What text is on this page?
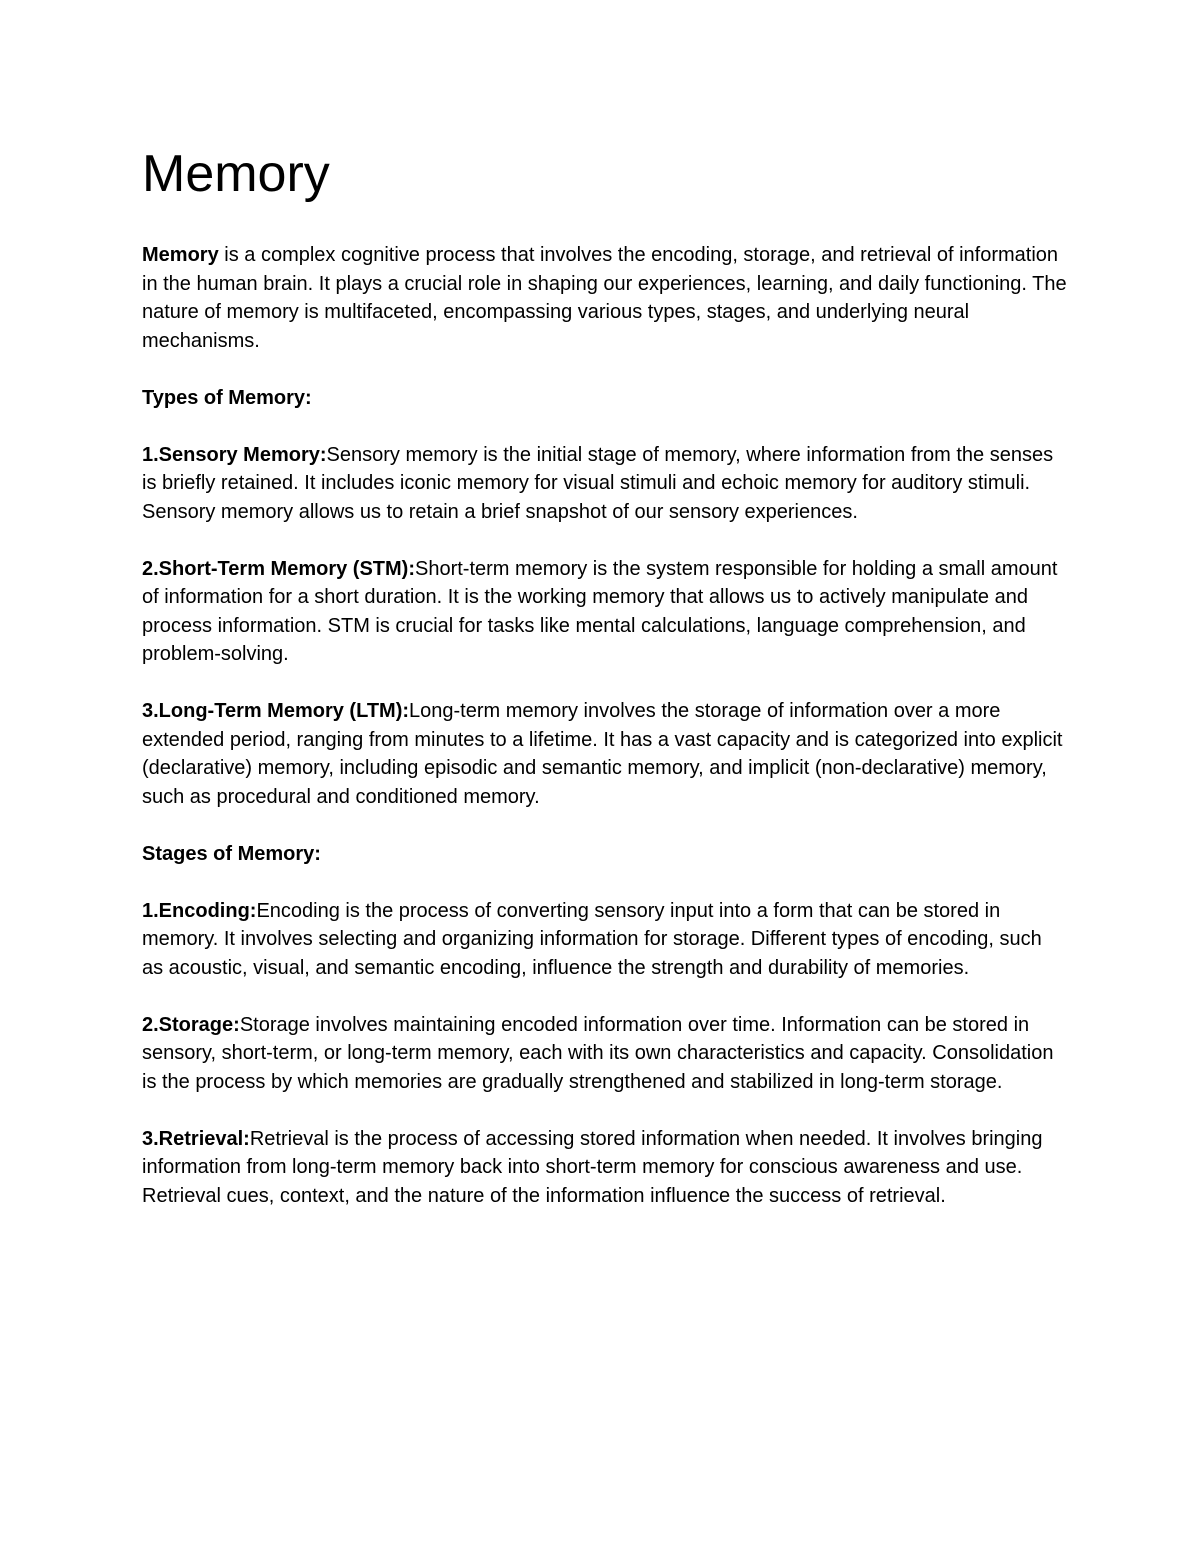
Memory

Memory is a complex cognitive process that involves the encoding, storage, and retrieval of information in the human brain. It plays a crucial role in shaping our experiences, learning, and daily functioning. The nature of memory is multifaceted, encompassing various types, stages, and underlying neural mechanisms.

Types of Memory:

1.Sensory Memory:Sensory memory is the initial stage of memory, where information from the senses is briefly retained. It includes iconic memory for visual stimuli and echoic memory for auditory stimuli. Sensory memory allows us to retain a brief snapshot of our sensory experiences.

2.Short-Term Memory (STM):Short-term memory is the system responsible for holding a small amount of information for a short duration. It is the working memory that allows us to actively manipulate and process information. STM is crucial for tasks like mental calculations, language comprehension, and problem-solving.

3.Long-Term Memory (LTM):Long-term memory involves the storage of information over a more extended period, ranging from minutes to a lifetime. It has a vast capacity and is categorized into explicit (declarative) memory, including episodic and semantic memory, and implicit (non-declarative) memory, such as procedural and conditioned memory.

Stages of Memory:

1.Encoding:Encoding is the process of converting sensory input into a form that can be stored in memory. It involves selecting and organizing information for storage. Different types of encoding, such as acoustic, visual, and semantic encoding, influence the strength and durability of memories.

2.Storage:Storage involves maintaining encoded information over time. Information can be stored in sensory, short-term, or long-term memory, each with its own characteristics and capacity. Consolidation is the process by which memories are gradually strengthened and stabilized in long-term storage.

3.Retrieval:Retrieval is the process of accessing stored information when needed. It involves bringing information from long-term memory back into short-term memory for conscious awareness and use. Retrieval cues, context, and the nature of the information influence the success of retrieval.
